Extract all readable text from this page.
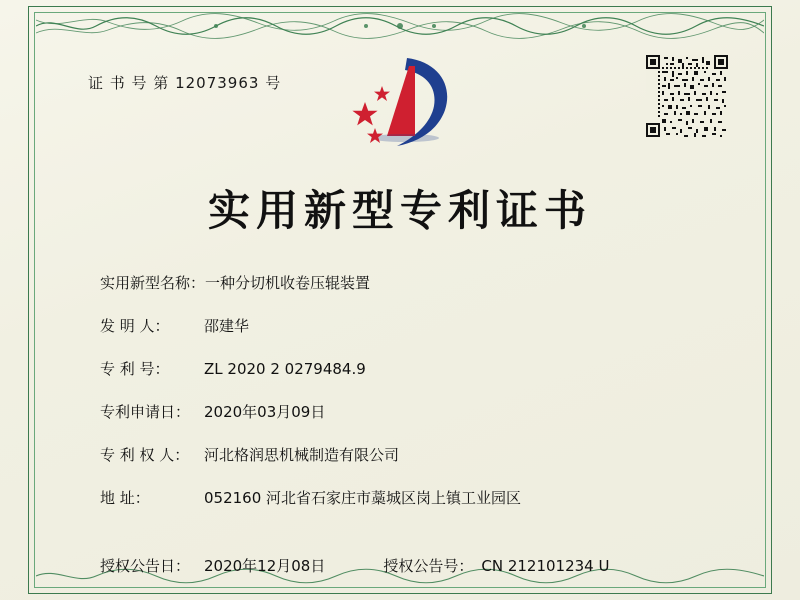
证 书 号 第 12073963 号
实用新型专利证书
实用新型名称： 一种分切机收卷压辊装置
发 明 人：	邵建华
专 利 号：	ZL 2020 2 0279484.9
专利申请日： 2020年03月09日
专 利 权 人： 河北格润思机械制造有限公司
地 址：	052160 河北省石家庄市藁城区岗上镇工业园区
授权公告日： 2020年12月08日	授权公告号： CN 212101234 U
